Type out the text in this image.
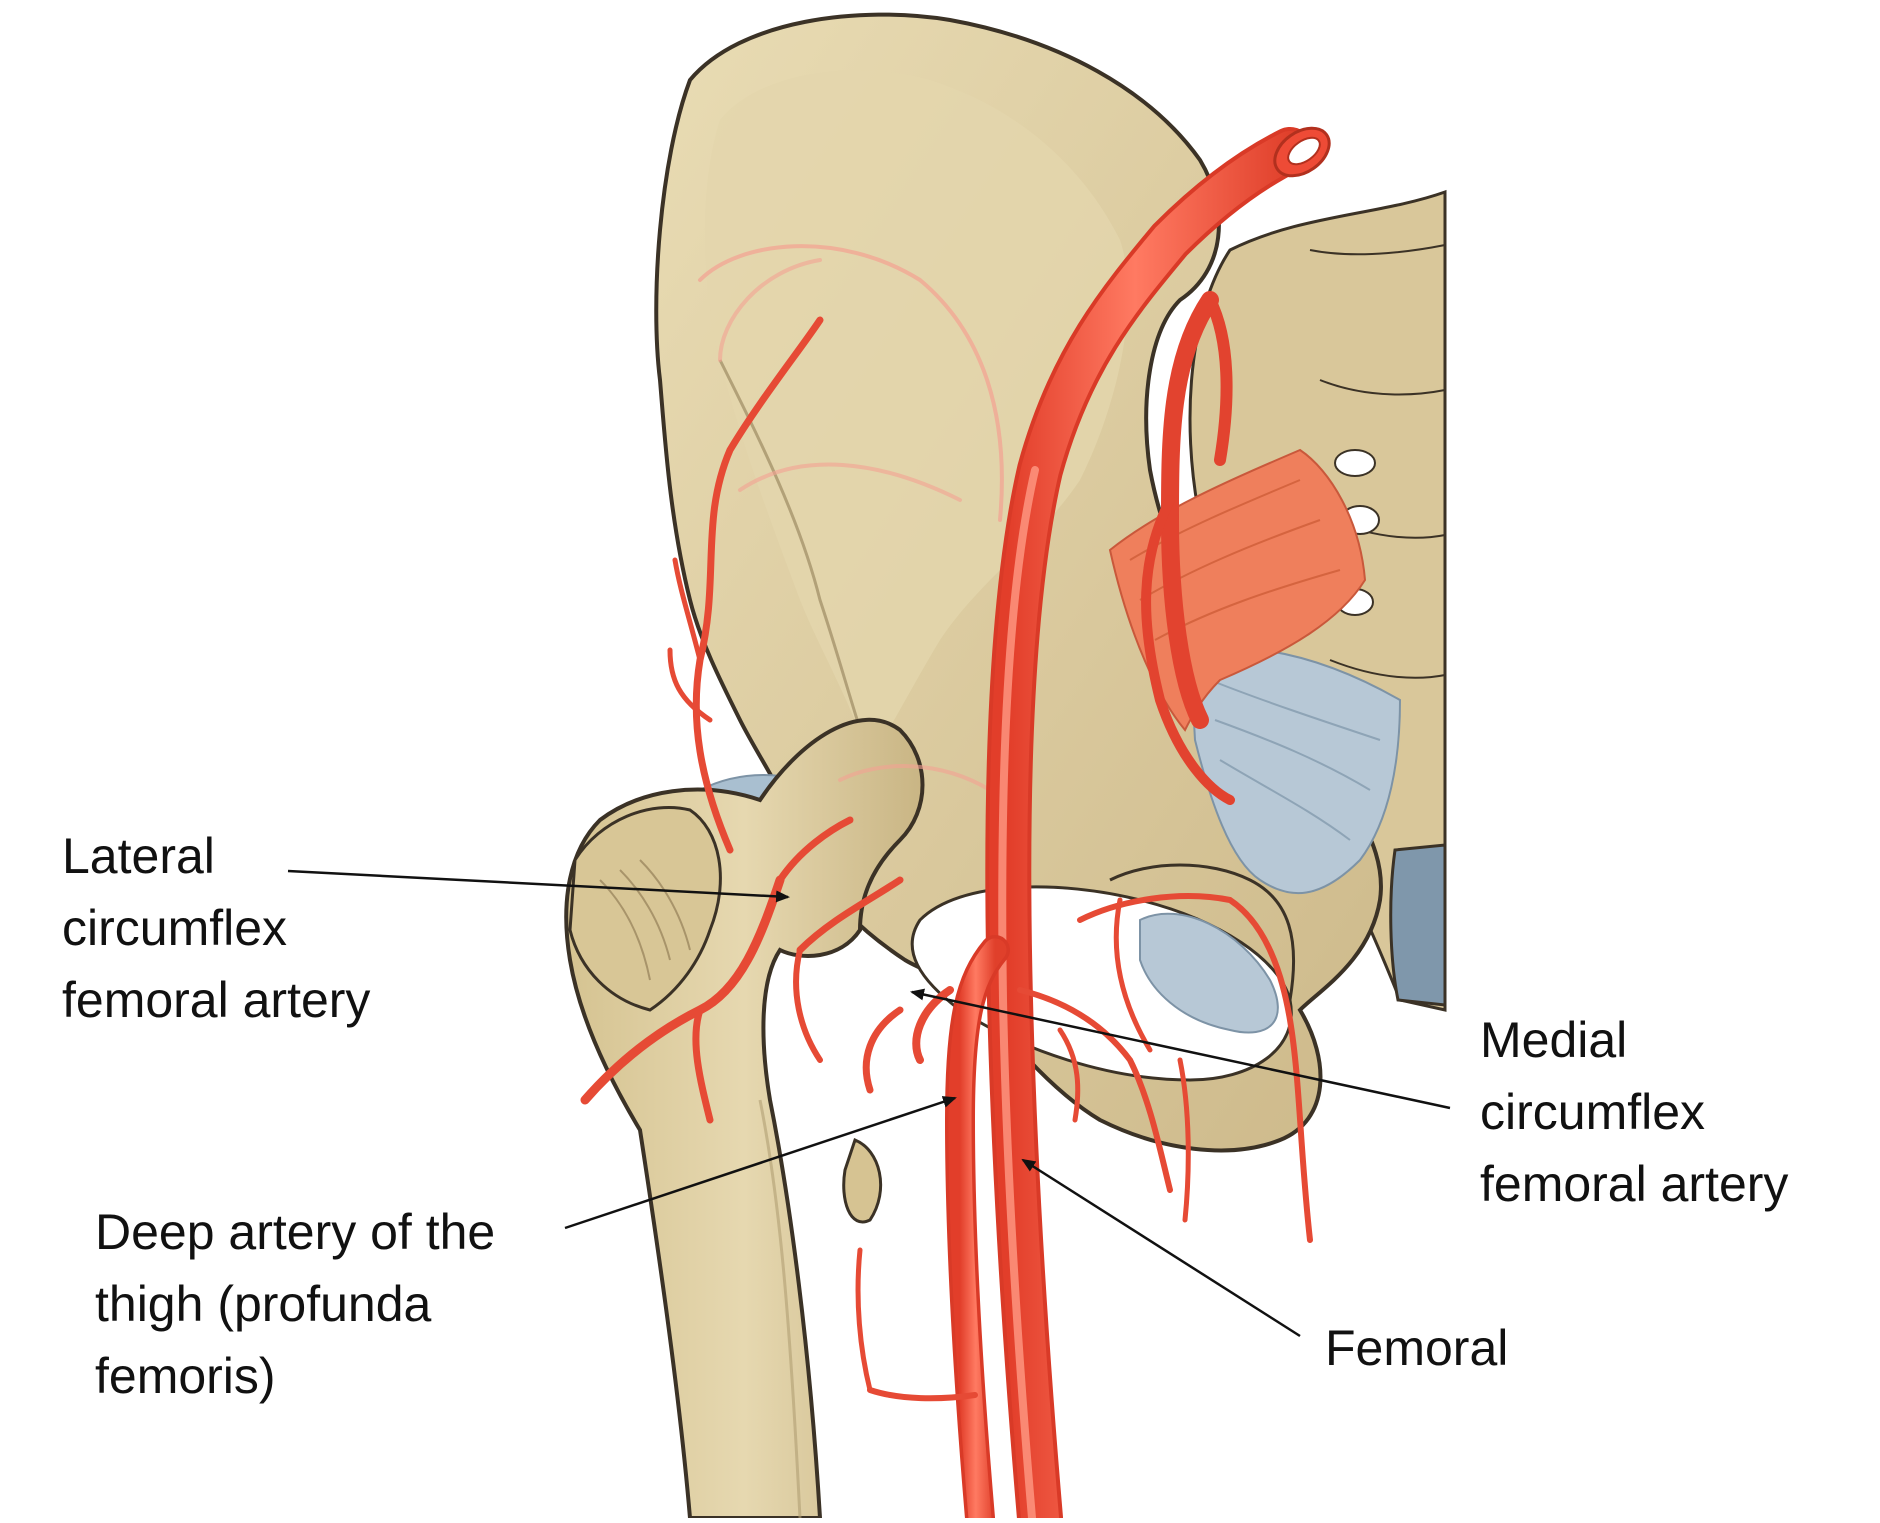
Lateral
circumflex
femoral artery
Deep artery of the
thigh (profunda
femoris)
Medial
circumflex
femoral artery
Femoral
